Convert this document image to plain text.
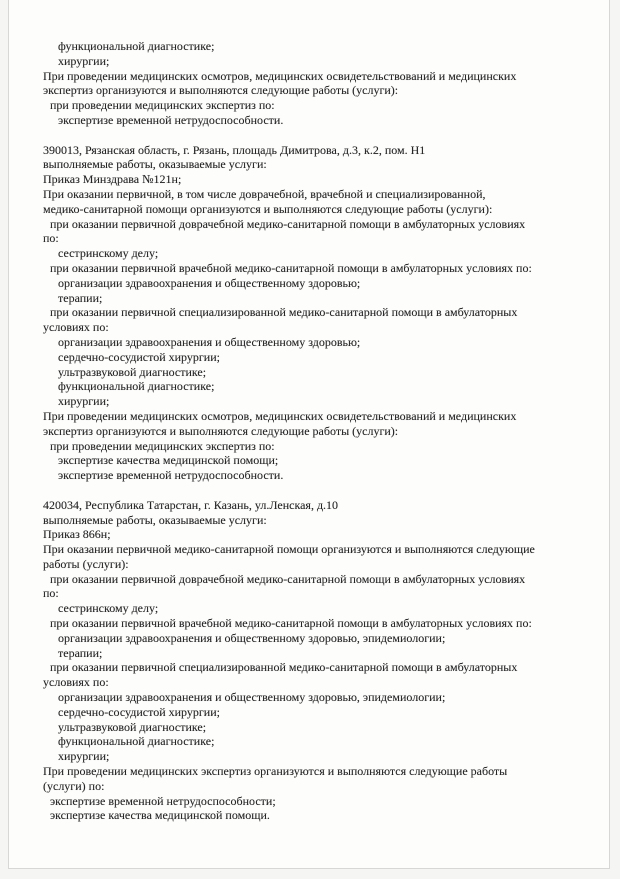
функциональной диагностике;
хирургии;
При проведении медицинских осмотров, медицинских освидетельствований и медицинских
экспертиз организуются и выполняются следующие работы (услуги):
при проведении медицинских экспертиз по:
экспертизе временной нетрудоспособности.
390013, Рязанская область, г. Рязань, площадь Димитрова, д.3, к.2, пом. Н1
выполняемые работы, оказываемые услуги:
Приказ Минздрава №121н;
При оказании первичной, в том числе доврачебной, врачебной и специализированной,
медико-санитарной помощи организуются и выполняются следующие работы (услуги):
при оказании первичной доврачебной медико-санитарной помощи в амбулаторных условиях
по:
сестринскому делу;
при оказании первичной врачебной медико-санитарной помощи в амбулаторных условиях по:
организации здравоохранения и общественному здоровью;
терапии;
при оказании первичной специализированной медико-санитарной помощи в амбулаторных
условиях по:
организации здравоохранения и общественному здоровью;
сердечно-сосудистой хирургии;
ультразвуковой диагностике;
функциональной диагностике;
хирургии;
При проведении медицинских осмотров, медицинских освидетельствований и медицинских
экспертиз организуются и выполняются следующие работы (услуги):
при проведении медицинских экспертиз по:
экспертизе качества медицинской помощи;
экспертизе временной нетрудоспособности.
420034, Республика Татарстан, г. Казань, ул.Ленская, д.10
выполняемые работы, оказываемые услуги:
Приказ 866н;
При оказании первичной медико-санитарной помощи организуются и выполняются следующие
работы (услуги):
при оказании первичной доврачебной медико-санитарной помощи в амбулаторных условиях
по:
сестринскому делу;
при оказании первичной врачебной медико-санитарной помощи в амбулаторных условиях по:
организации здравоохранения и общественному здоровью, эпидемиологии;
терапии;
при оказании первичной специализированной медико-санитарной помощи в амбулаторных
условиях по:
организации здравоохранения и общественному здоровью, эпидемиологии;
сердечно-сосудистой хирургии;
ультразвуковой диагностике;
функциональной диагностике;
хирургии;
При проведении медицинских экспертиз организуются и выполняются следующие работы
(услуги) по:
экспертизе временной нетрудоспособности;
экспертизе качества медицинской помощи.
